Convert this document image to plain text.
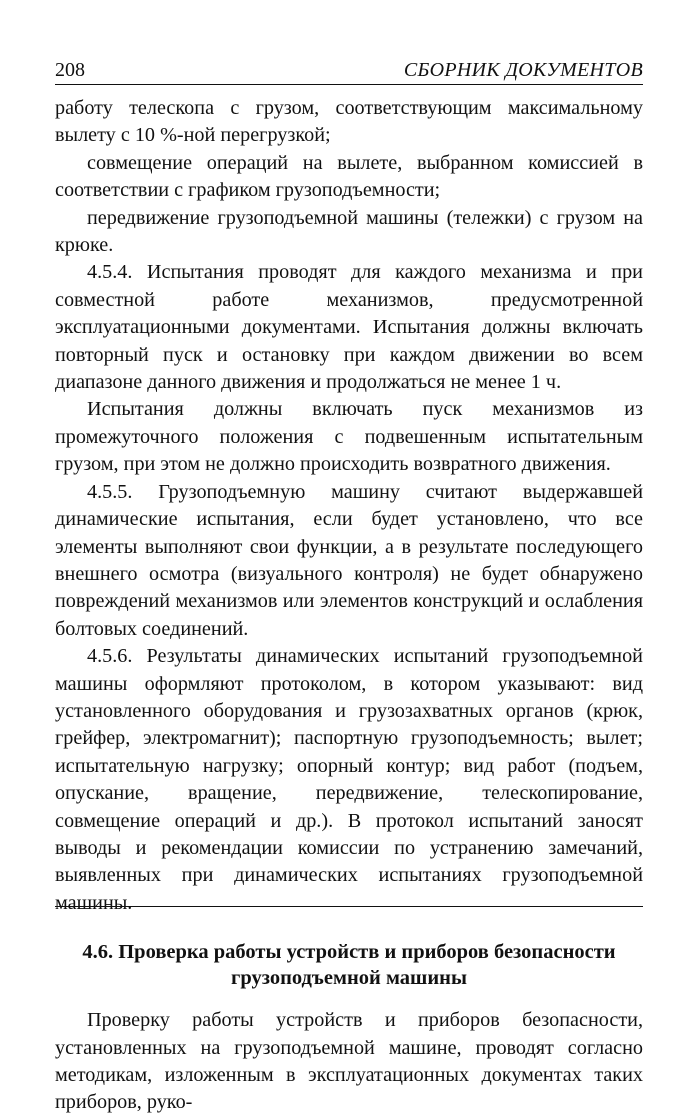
208	СБОРНИК ДОКУМЕНТОВ

работу телескопа с грузом, соответствующим максимальному вылету с 10 %-ной перегрузкой;

совмещение операций на вылете, выбранном комиссией в соответствии с графиком грузоподъемности;

передвижение грузоподъемной машины (тележки) с грузом на крюке.

4.5.4. Испытания проводят для каждого механизма и при совместной работе механизмов, предусмотренной эксплуатационными документами. Испытания должны включать повторный пуск и остановку при каждом движении во всем диапазоне данного движения и продолжаться не менее 1 ч.

Испытания должны включать пуск механизмов из промежуточного положения с подвешенным испытательным грузом, при этом не должно происходить возвратного движения.

4.5.5. Грузоподъемную машину считают выдержавшей динамические испытания, если будет установлено, что все элементы выполняют свои функции, а в результате последующего внешнего осмотра (визуального контроля) не будет обнаружено повреждений механизмов или элементов конструкций и ослабления болтовых соединений.

4.5.6. Результаты динамических испытаний грузоподъемной машины оформляют протоколом, в котором указывают: вид установленного оборудования и грузозахватных органов (крюк, грейфер, электромагнит); паспортную грузоподъемность; вылет; испытательную нагрузку; опорный контур; вид работ (подъем, опускание, вращение, передвижение, телескопирование, совмещение операций и др.). В протокол испытаний заносят выводы и рекомендации комиссии по устранению замечаний, выявленных при динамических испытаниях грузоподъемной машины.

4.6. Проверка работы устройств и приборов безопасности грузоподъемной машины

Проверку работы устройств и приборов безопасности, установленных на грузоподъемной машине, проводят согласно методикам, изложенным в эксплуатационных документах таких приборов, руко-
